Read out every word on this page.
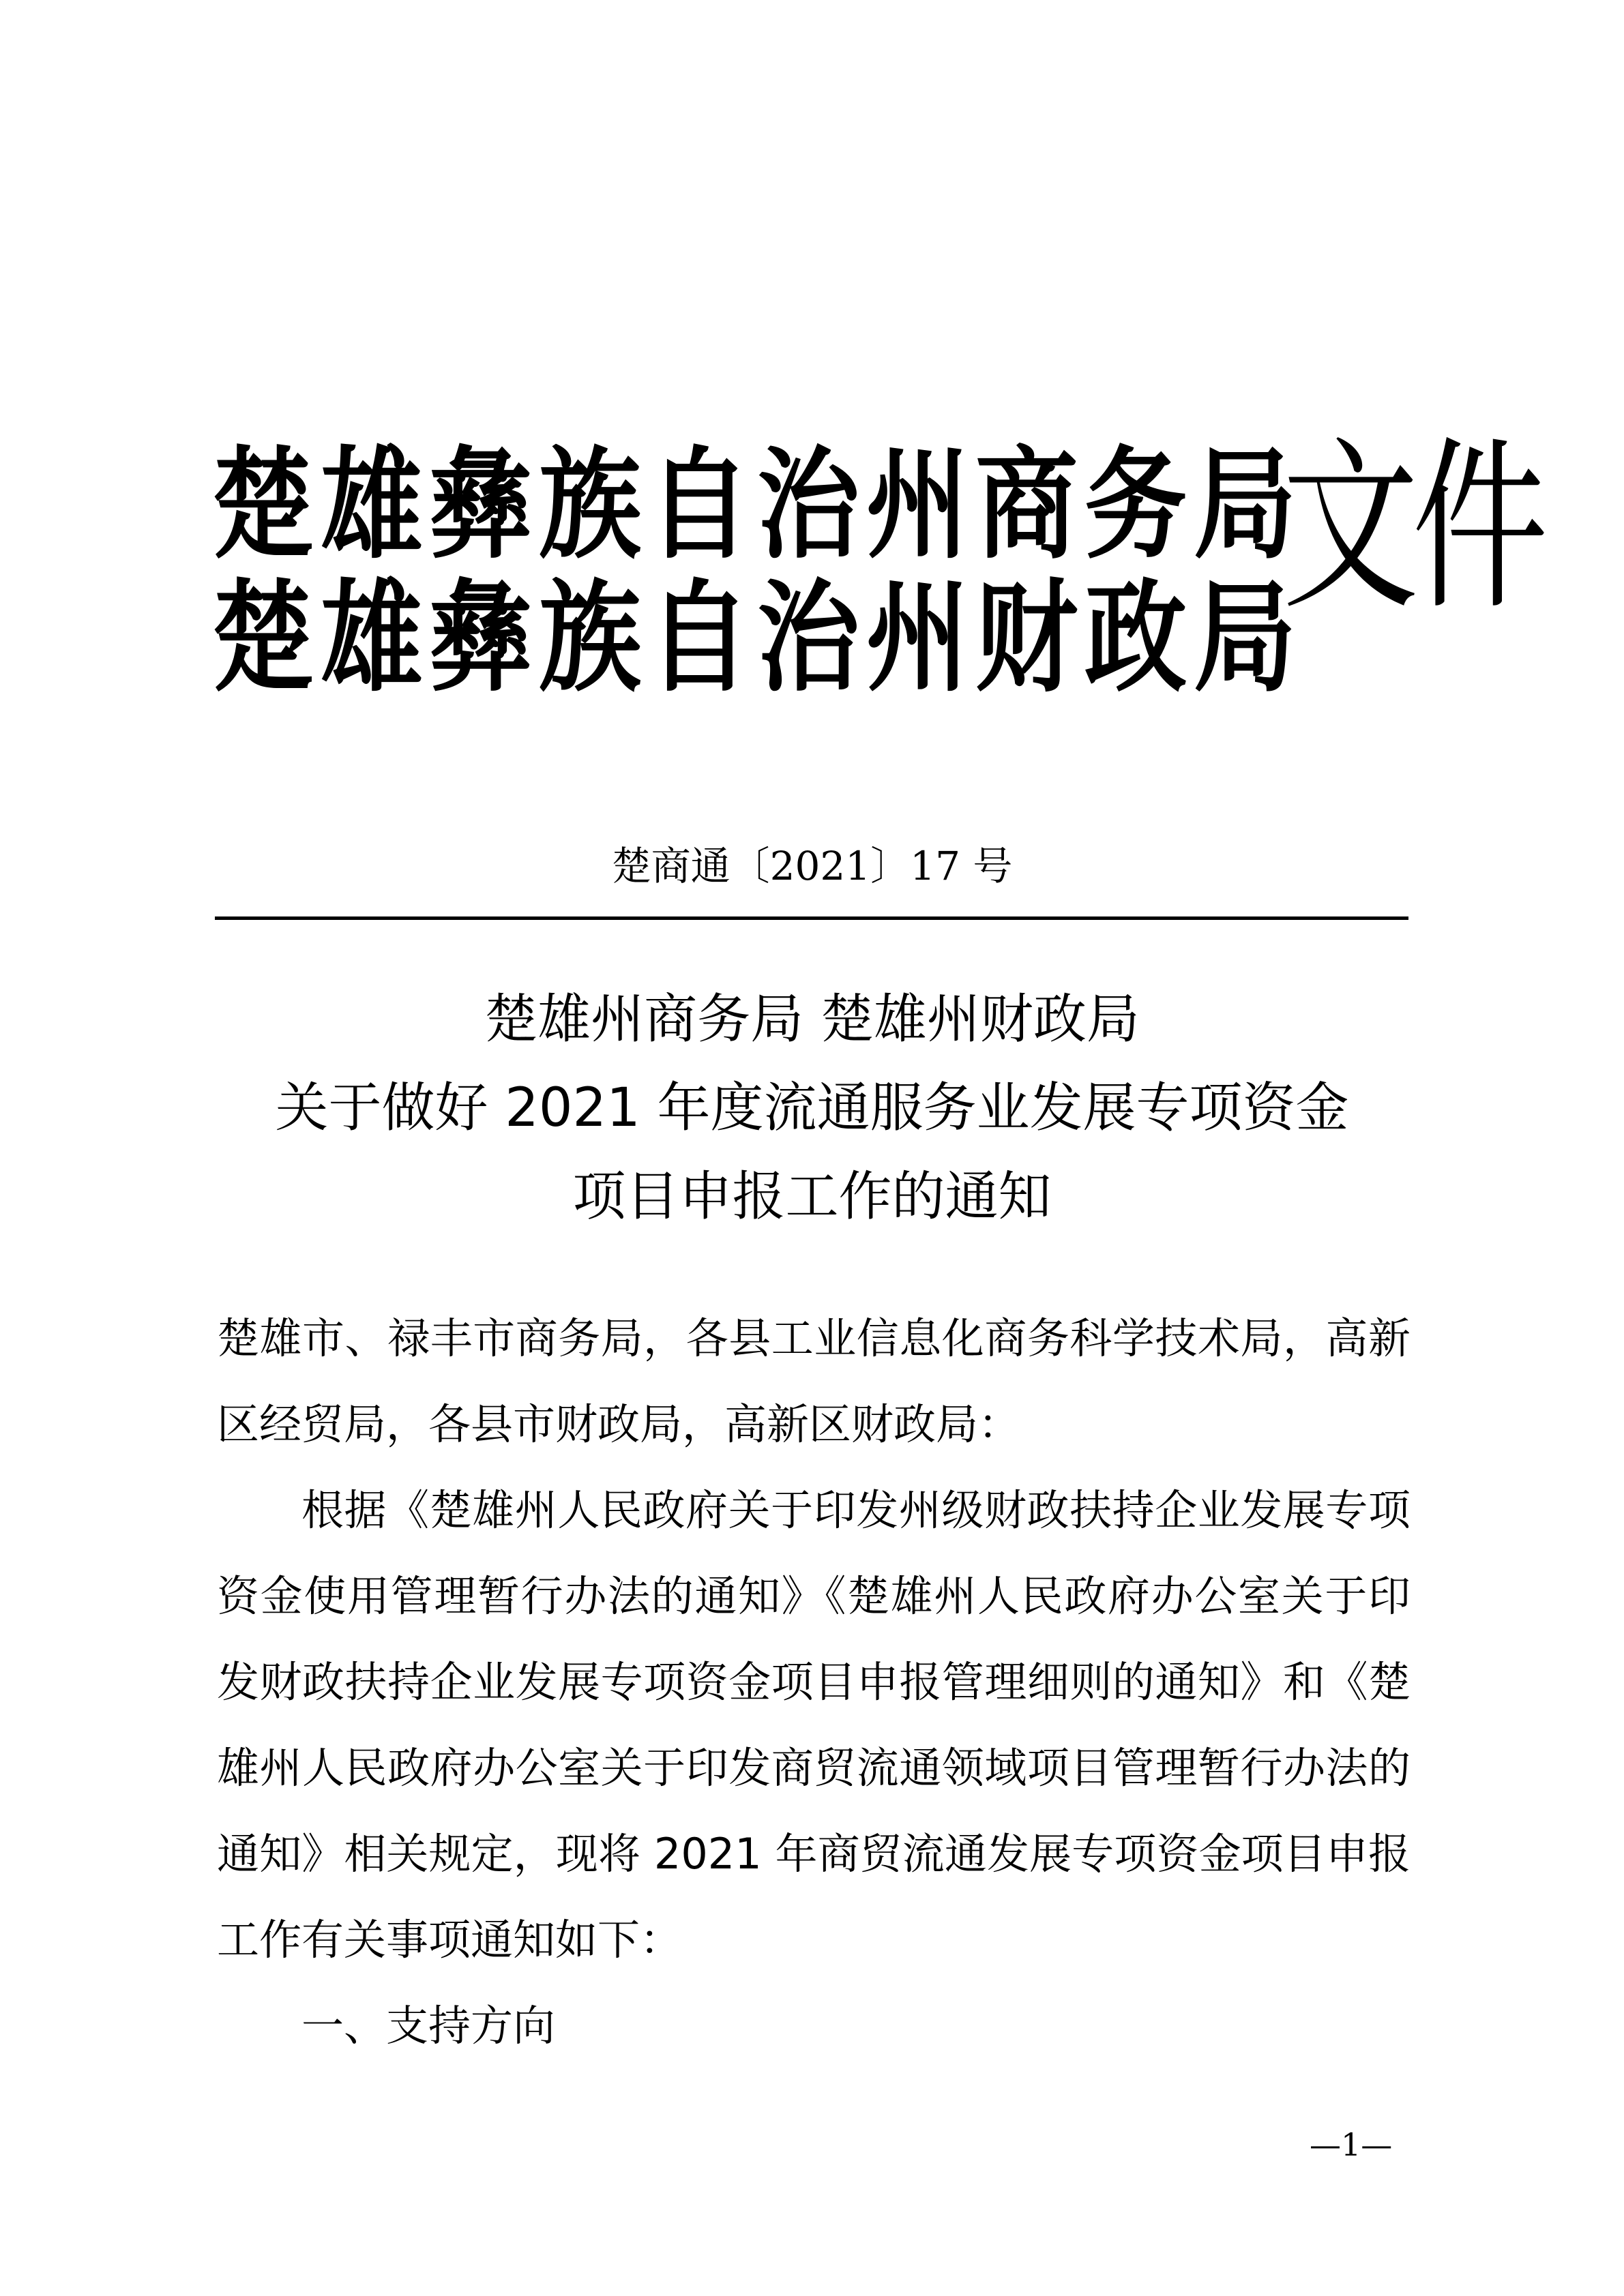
楚雄彝族自治州商务局
楚雄彝族自治州财政局
文件
楚商通〔2021〕17 号
楚雄州商务局 楚雄州财政局
关于做好 2021 年度流通服务业发展专项资金
项目申报工作的通知

楚雄市、禄丰市商务局，各县工业信息化商务科学技术局，高新区经贸局，各县市财政局，高新区财政局：

根据《楚雄州人民政府关于印发州级财政扶持企业发展专项资金使用管理暂行办法的通知》《楚雄州人民政府办公室关于印发财政扶持企业发展专项资金项目申报管理细则的通知》和《楚雄州人民政府办公室关于印发商贸流通领域项目管理暂行办法的通知》相关规定，现将 2021 年商贸流通发展专项资金项目申报工作有关事项通知如下：

一、支持方向

—1—
